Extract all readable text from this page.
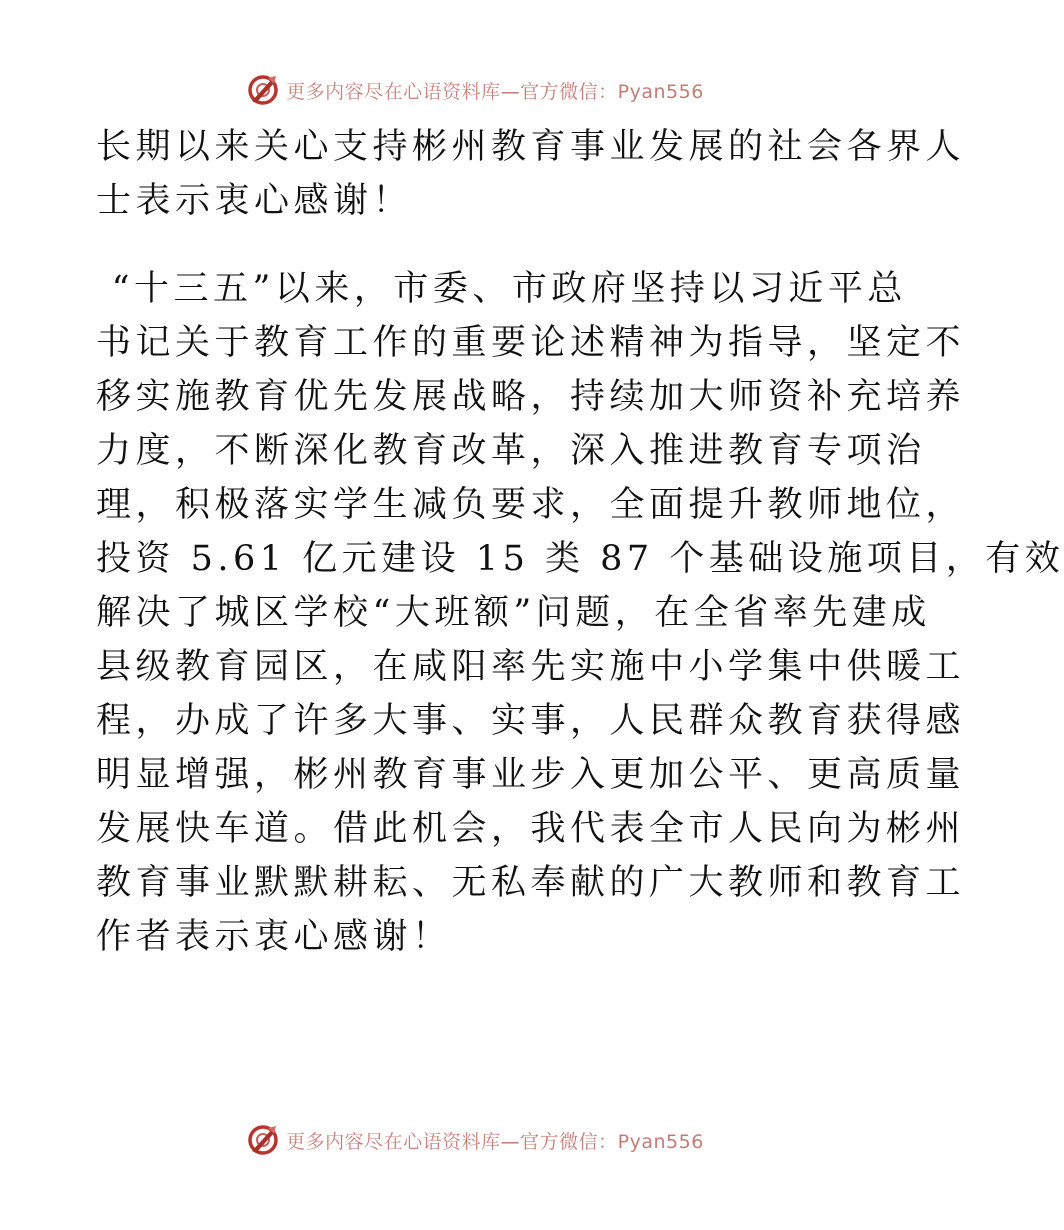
更多内容尽在心语资料库—官方微信：Pyan556
长期以来关心支持彬州教育事业发展的社会各界人
士表示衷心感谢！
“十三五”以来，市委、市政府坚持以习近平总
书记关于教育工作的重要论述精神为指导，坚定不
移实施教育优先发展战略，持续加大师资补充培养
力度，不断深化教育改革，深入推进教育专项治
理，积极落实学生减负要求，全面提升教师地位，
投资 5.61 亿元建设 15 类 87 个基础设施项目，有效
解决了城区学校“大班额”问题，在全省率先建成
县级教育园区，在咸阳率先实施中小学集中供暖工
程，办成了许多大事、实事，人民群众教育获得感
明显增强，彬州教育事业步入更加公平、更高质量
发展快车道。借此机会，我代表全市人民向为彬州
教育事业默默耕耘、无私奉献的广大教师和教育工
作者表示衷心感谢！
更多内容尽在心语资料库—官方微信：Pyan556
